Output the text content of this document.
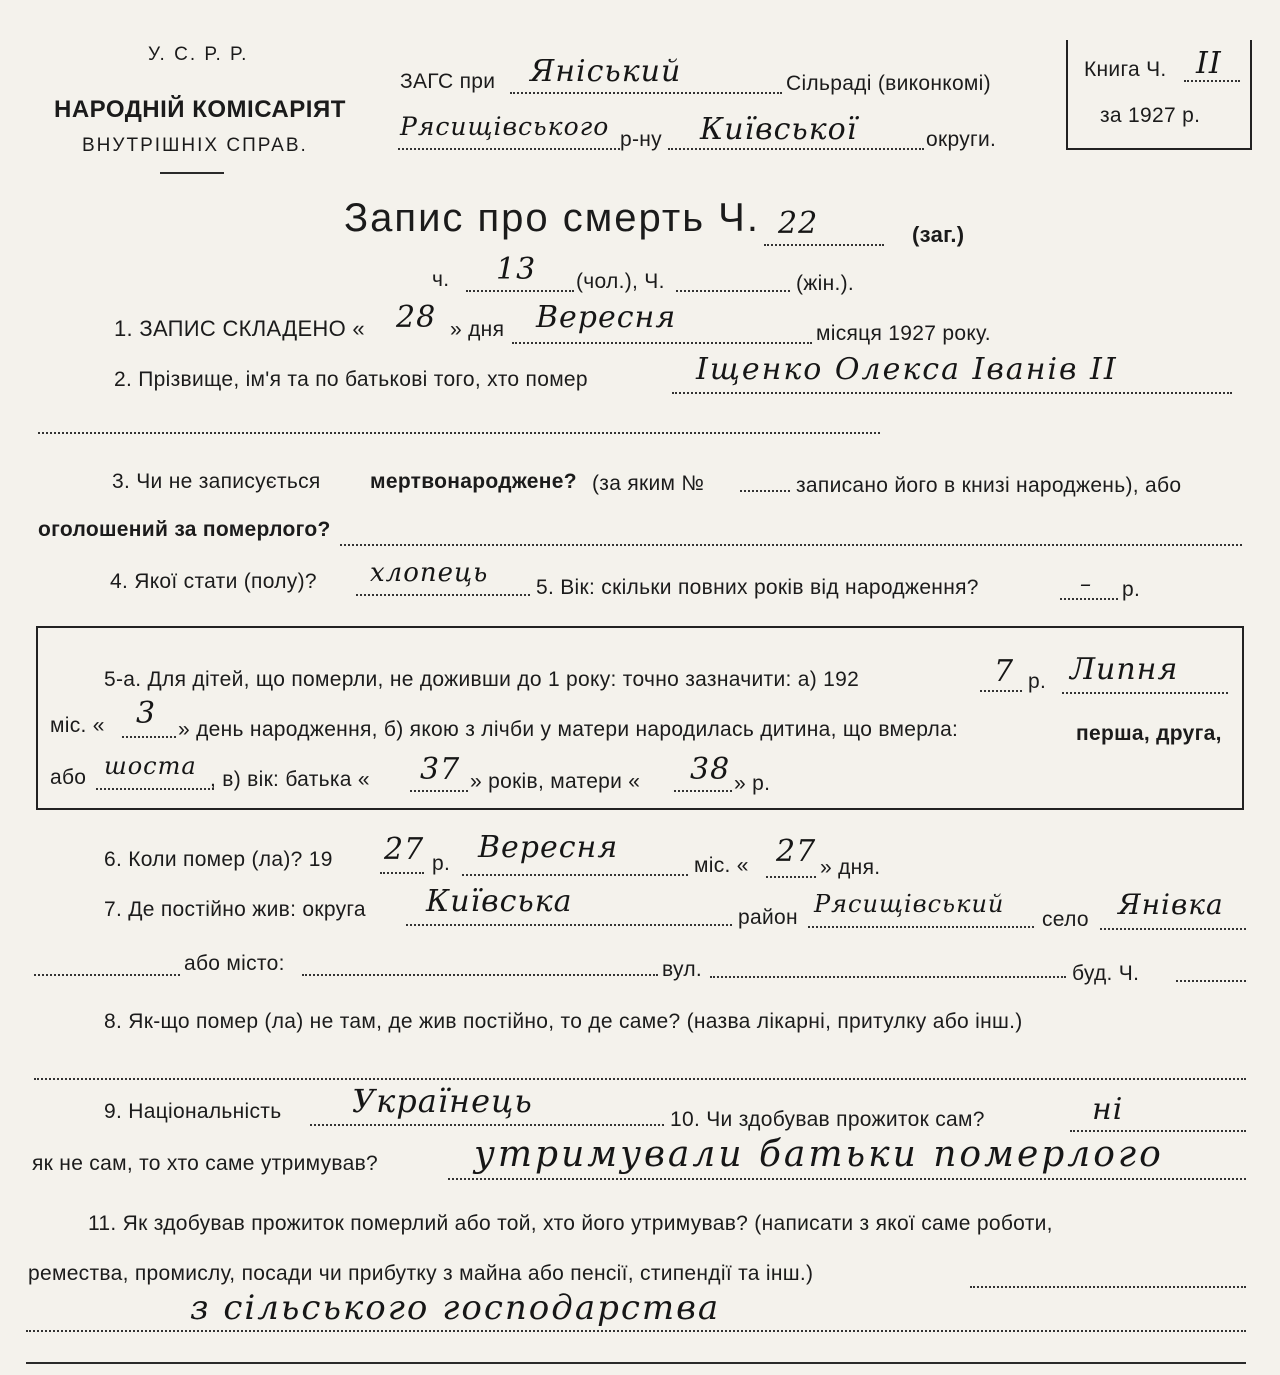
У. С. Р. Р.
НАРОДНІЙ КОМІСАРІЯТ
ВНУТРІШНІХ СПРАВ.
ЗАГС при Яніський	Сільраді (виконкомі)
Рясищівського р-ну Київської	округи.
Книга Ч. II
за 1927 р.
Запис про смерть Ч. 22	(заг.)
ч. 13 (чол.), Ч.	(жін.).
1. ЗАПИС СКЛАДЕНО « 28 » дня Вересня	місяця 1927 року.
2. Прізвище, ім'я та по батькові того, хто помер	Іщенко Олекса Іванів II
3. Чи не записується мертвонароджене? (за яким №	записано його в книзі народжень), або
оголошений за померлого?
4. Якої стати (полу)? хлопець 5. Вік: скільки повних років від народження?	– р.
5-а. Для дітей, що померли, не доживши до 1 року: точно зазначити: а) 192	7 р. Липня
міс. « 3 » день народження, б) якою з лічби у матери народилась дитина, що вмерла:	перша, друга,
або шоста , в) вік: батька « 37 » років, матери « 38 » р.
6. Коли помер (ла)? 19 27 р. Вересня
міс. « 27 » дня.
7. Де постійно жив: округа Київська	район Рясищівський
село Янівка
або місто:	вул.	буд. Ч.
8. Як-що помер (ла) не там, де жив постійно, то де саме? (назва лікарні, притулку або інш.)
9. Національність Українець	10. Чи здобував прожиток сам?	ні
як не сам, то хто саме утримував?	утримували батьки померлого
11. Як здобував прожиток померлий або той, хто його утримував? (написати з якої саме роботи,
ремества, промислу, посади чи прибутку з майна або пенсії, стипендії та інш.)
з сільського господарства
